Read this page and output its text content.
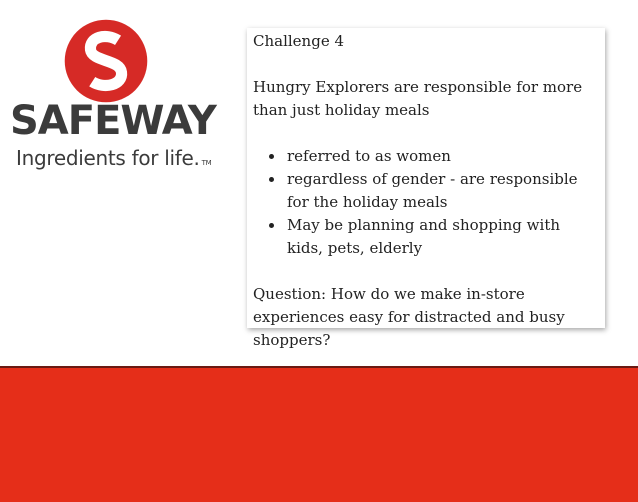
SAFEWAY
Ingredients for life. TM

Challenge 4

Hungry Explorers are responsible for more than just holiday meals

• referred to as women
• regardless of gender - are responsible for the holiday meals
• May be planning and shopping with kids, pets, elderly

Question: How do we make in-store experiences easy for distracted and busy shoppers?
